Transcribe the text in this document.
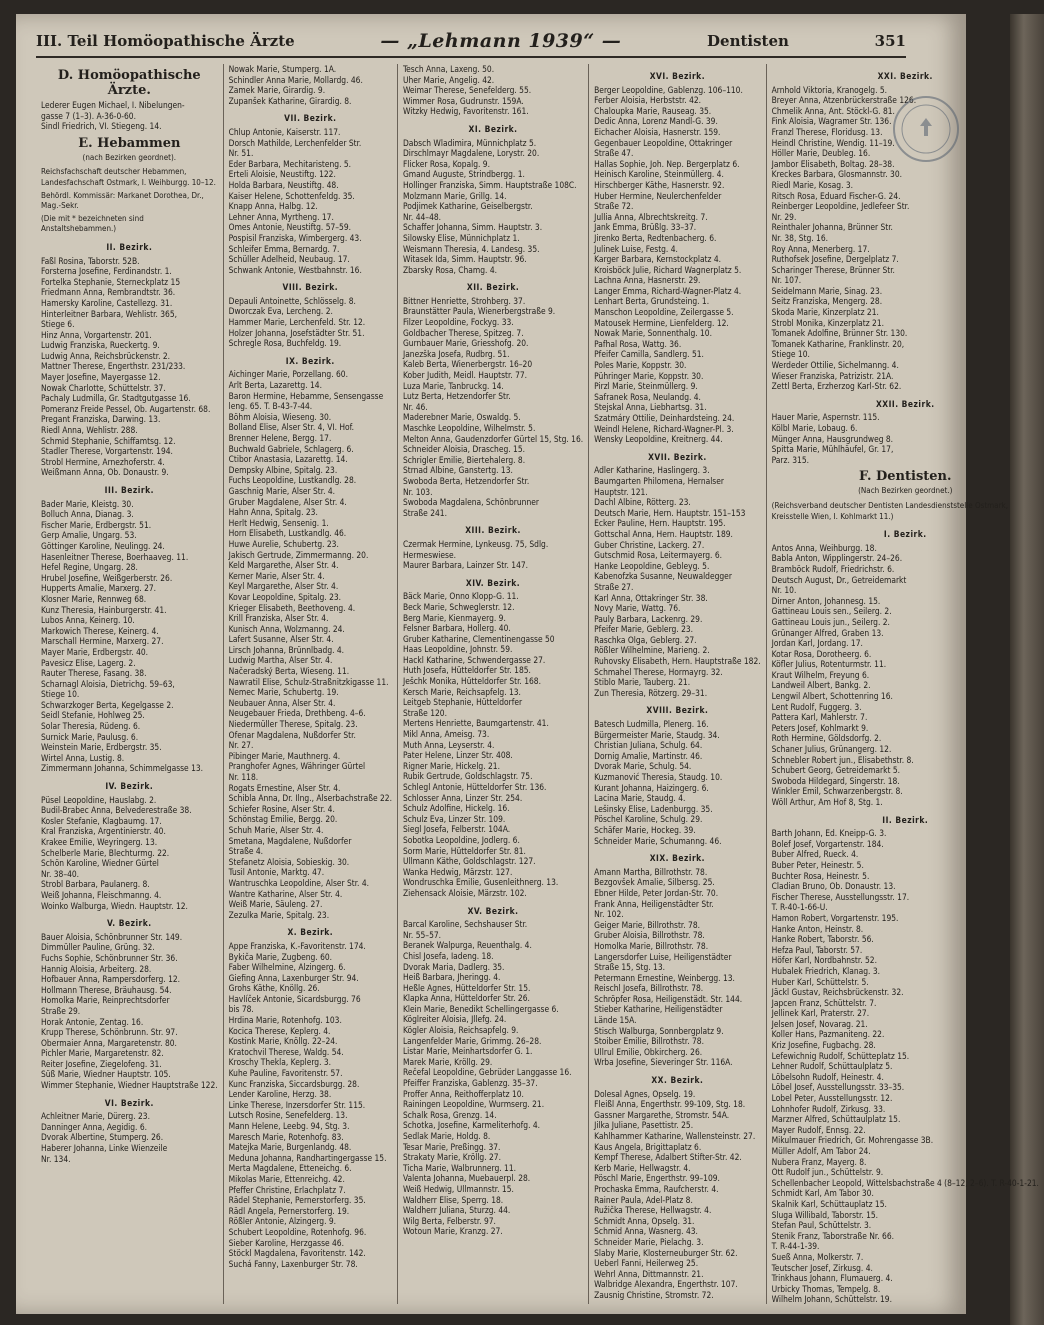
III. Teil Homöopathische Ärzte	— „Lehmann 1939“ —	Dentisten	351
D. Homöopathische Ärzte.
Lederer Eugen Michael, I. Nibelungen-
gasse 7 (1–3). A-36-0-60.
Sindl Friedrich, VI. Stiegeng. 14.
E. Hebammen
(nach Bezirken geordnet).
Reichsfachschaft deutscher Hebammen, Landesfachschaft Ostmark, I. Weihburgg. 10–12.
Behördl. Kommissär: Markanet Dorothea, Dr., Mag.-Sekr.
(Die mit * bezeichneten sind Anstaltshebammen.)
II. Bezirk.
Faßl Rosina, Taborstr. 52B.
Forsterna Josefine, Ferdinandstr. 1.
Fortelka Stephanie, Sterneckplatz 15
Friedmann Anna, Rembrandtstr. 36.
Hamersky Karoline, Castellezg. 31.
Hinterleitner Barbara, Wehlistr. 365,
Stiege 6.
Hinz Anna, Vorgartenstr. 201.
Ludwig Franziska, Rueckertg. 9.
Ludwig Anna, Reichsbrückenstr. 2.
Mattner Therese, Engerthstr. 231/233.
Mayer Josefine, Mayergasse 12.
Nowak Charlotte, Schüttelstr. 37.
Pachaly Ludmilla, Gr. Stadtgutgasse 16.
Pomeranz Freide Pessel, Ob. Augartenstr. 68.
Pregant Franziska, Darwing. 13.
Riedl Anna, Wehlistr. 288.
Schmid Stephanie, Schiffamtsg. 12.
Stadler Therese, Vorgartenstr. 194.
Strobl Hermine, Arnezhoferstr. 4.
Weißmann Anna, Ob. Donaustr. 9.
III. Bezirk.
Bader Marie, Kleistg. 30.
Bolluch Anna, Dianag. 3.
Fischer Marie, Erdbergstr. 51.
Gerp Amalie, Ungarg. 53.
Göttinger Karoline, Neulingg. 24.
Hasenleitner Therese, Boerhaaveg. 11.
Hefel Regine, Ungarg. 28.
Hrubel Josefine, Weißgerberstr. 26.
Hupperts Amalie, Marxerg. 27.
Klosner Marie, Rennweg 68.
Kunz Theresia, Hainburgerstr. 41.
Lubos Anna, Keinerg. 10.
Markowich Therese, Keinerg. 4.
Marschall Hermine, Marxerg. 27.
Mayer Marie, Erdbergstr. 40.
Pavesicz Elise, Lagerg. 2.
Rauter Therese, Fasang. 38.
Scharnagl Aloisia, Dietrichg. 59–63,
Stiege 10.
Schwarzkoger Berta, Kegelgasse 2.
Seidl Stefanie, Hohlweg 25.
Solar Theresia, Rüdeng. 6.
Surnick Marie, Paulusg. 6.
Weinstein Marie, Erdbergstr. 35.
Wirtel Anna, Lustig. 8.
Zimmermann Johanna, Schimmelgasse 13.
IV. Bezirk.
Püsel Leopoldine, Hauslabg. 2.
Budil-Brabec Anna, Belvederestraße 38.
Kosler Stefanie, Klagbaumg. 17.
Kral Franziska, Argentinierstr. 40.
Krakee Emilie, Weyringerg. 13.
Schelberle Marie, Blechturmg. 22.
Schön Karoline, Wiedner Gürtel
Nr. 38–40.
Strobl Barbara, Paulanerg. 8.
Weiß Johanna, Fleischmanng. 4.
Woinko Walburga, Wiedn. Hauptstr. 12.
V. Bezirk.
Bauer Aloisia, Schönbrunner Str. 149.
Dimmüller Pauline, Grüng. 32.
Fuchs Sophie, Schönbrunner Str. 36.
Hannig Aloisia, Arbeiterg. 28.
Hofbauer Anna, Rampersdorferg. 12.
Hollmann Therese, Bräuhausg. 54.
Homolka Marie, Reinprechtsdorfer
Straße 29.
Horak Antonie, Zentag. 16.
Krupp Therese, Schönbrunn. Str. 97.
Obermaier Anna, Margaretenstr. 80.
Pichler Marie, Margaretenstr. 82.
Reiter Josefine, Ziegelofeng. 31.
Süß Marie, Wiedner Hauptstr. 105.
Wimmer Stephanie, Wiedner Hauptstraße 122.
VI. Bezirk.
Achleitner Marie, Dürerg. 23.
Danninger Anna, Aegidig. 6.
Dvorak Albertine, Stumperg. 26.
Haberer Johanna, Linke Wienzeile
Nr. 134.
Nowak Marie, Stumperg. 1A.
Schindler Anna Marie, Mollardg. 46.
Zamek Marie, Girardig. 9.
Zupanšek Katharine, Girardig. 8.
VII. Bezirk.
Chlup Antonie, Kaiserstr. 117.
Dorsch Mathilde, Lerchenfelder Str.
Nr. 51.
Eder Barbara, Mechitaristeng. 5.
Erteli Aloisie, Neustiftg. 122.
Holda Barbara, Neustiftg. 48.
Kaiser Helene, Schottenfeldg. 35.
Knapp Anna, Halbg. 12.
Lehner Anna, Myrtheng. 17.
Omes Antonie, Neustiftg. 57–59.
Pospisil Franziska, Wimbergerg. 43.
Schleifer Emma, Bernardg. 7.
Schüller Adelheid, Neubaug. 17.
Schwank Antonie, Westbahnstr. 16.
VIII. Bezirk.
Depauli Antoinette, Schlösselg. 8.
Dworczak Eva, Lercheng. 2.
Hammer Marie, Lerchenfeld. Str. 12.
Holzer Johanna, Josefstädter Str. 51.
Schregle Rosa, Buchfeldg. 19.
IX. Bezirk.
Aichinger Marie, Porzellang. 60.
Arlt Berta, Lazarettg. 14.
Baron Hermine, Hebamme, Sensengasse
leng. 65. T. B-43-7-44.
Böhm Aloisia, Wieseng. 30.
Bolland Elise, Alser Str. 4, VI. Hof.
Brenner Helene, Bergg. 17.
Buchwald Gabriele, Schlagerg. 6.
Ctibor Anastasia, Lazarettg. 14.
Dempsky Albine, Spitalg. 23.
Fuchs Leopoldine, Lustkandlg. 28.
Gaschnig Marie, Alser Str. 4.
Gruber Magdalene, Alser Str. 4.
Hahn Anna, Spitalg. 23.
Herlt Hedwig, Sensenig. 1.
Horn Elisabeth, Lustkandlg. 46.
Huwe Aurelie, Schubertg. 23.
Jakisch Gertrude, Zimmermanng. 20.
Keld Margarethe, Alser Str. 4.
Kerner Marie, Alser Str. 4.
Keyl Margarethe, Alser Str. 4.
Kovar Leopoldine, Spitalg. 23.
Krieger Elisabeth, Beethoveng. 4.
Krill Franziska, Alser Str. 4.
Kunisch Anna, Wolzmanng. 24.
Lafert Susanne, Alser Str. 4.
Lirsch Johanna, Brünnlbadg. 4.
Ludwig Martha, Alser Str. 4.
Načeradský Berta, Wieseng. 11.
Nawratil Elise, Schulz-Straßnitzkigasse 11.
Nemec Marie, Schubertg. 19.
Neubauer Anna, Alser Str. 4.
Neugebauer Frieda, Drethbeng. 4–6.
Niedermüller Therese, Spitalg. 23.
Ofenar Magdalena, Nußdorfer Str.
Nr. 27.
Pibinger Marie, Mauthnerg. 4.
Pranghofer Agnes, Währinger Gürtel
Nr. 118.
Rogats Ernestine, Alser Str. 4.
Schibla Anna, Dr. Ilng., Alserbachstraße 22.
Schiefer Rosine, Alser Str. 4.
Schönstag Emilie, Bergg. 20.
Schuh Marie, Alser Str. 4.
Smetana, Magdalene, Nußdorfer
Straße 4.
Stefanetz Aloisia, Sobieskig. 30.
Tusil Antonie, Marktg. 47.
Wantruschka Leopoldine, Alser Str. 4.
Wantre Katharine, Alser Str. 4.
Weiß Marie, Säuleng. 27.
Zezulka Marie, Spitalg. 23.
X. Bezirk.
Appe Franziska, K.-Favoritenstr. 174.
Bykiča Marie, Zugbeng. 60.
Faber Wilhelmine, Alzingerg. 6.
Giefing Anna, Laxenburger Str. 94.
Grohs Käthe, Knöllg. 26.
Havlíček Antonie, Sicardsburgg. 76
bis 78.
Hrdina Marie, Rotenhofg. 103.
Kocica Therese, Keplerg. 4.
Kostink Marie, Knöllg. 22–24.
Kratochvil Therese, Waldg. 54.
Kroschy Thekla, Keplerg. 3.
Kuhe Pauline, Favoritenstr. 57.
Kunc Franziska, Siccardsburgg. 28.
Lender Karoline, Herzg. 38.
Linke Therese, Inzersdorfer Str. 115.
Lutsch Rosine, Senefelderg. 13.
Mann Helene, Leebg. 94, Stg. 3.
Maresch Marie, Rotenhofg. 83.
Matejka Marie, Burgenlandg. 48.
Meduna Johanna, Randhartingergasse 15.
Merta Magdalene, Etteneichg. 6.
Mikolas Marie, Ettenreichg. 42.
Pfeffer Christine, Erlachplatz 7.
Rädel Stephanie, Pernerstorferg. 35.
Rädl Angela, Pernerstorferg. 19.
Rößler Antonie, Alzingerg. 9.
Schubert Leopoldine, Rotenhofg. 96.
Sieber Karoline, Herzgasse 46.
Stöckl Magdalena, Favoritenstr. 142.
Suchá Fanny, Laxenburger Str. 78.
Tesch Anna, Laxeng. 50.
Uher Marie, Angelig. 42.
Weimar Therese, Senefelderg. 55.
Wimmer Rosa, Gudrunstr. 159A.
Witzky Hedwig, Favoritenstr. 161.
XI. Bezirk.
Dabsch Wladimira, Münnichplatz 5.
Dirschlmayr Magdalene, Lorystr. 20.
Flicker Rosa, Kopalg. 9.
Gmand Auguste, Strindbergg. 1.
Hollinger Franziska, Simm. Hauptstraße 108C.
Molzmann Marie, Grillg. 14.
Podjimek Katharine, Geiselbergstr.
Nr. 44–48.
Schaffer Johanna, Simm. Hauptstr. 3.
Silowsky Elise, Münnichplatz 1.
Weismann Theresia, 4. Landesg. 35.
Witasek Ida, Simm. Hauptstr. 96.
Zbarsky Rosa, Chamg. 4.
XII. Bezirk.
Bittner Henriette, Strohberg. 37.
Braunstätter Paula, Wienerbergstraße 9.
Filzer Leopoldine, Fockyg. 33.
Goldbacher Therese, Spitzeg. 7.
Gurnbauer Marie, Griesshofg. 20.
Janezška Josefa, Rudbrg. 51.
Kaleb Berta, Wienerbergstr. 16–20
Kober Judith, Meidl. Hauptstr. 77.
Luza Marie, Tanbruckg. 14.
Lutz Berta, Hetzendorfer Str.
Nr. 46.
Maderebner Marie, Oswaldg. 5.
Maschke Leopoldine, Wilhelmstr. 5.
Melton Anna, Gaudenzdorfer Gürtel 15, Stg. 16.
Schneider Aloisia, Drascheg. 15.
Schrigler Emilie, Biertehalerg. 8.
Strnad Albine, Ganstertg. 13.
Swoboda Berta, Hetzendorfer Str.
Nr. 103.
Swoboda Magdalena, Schönbrunner
Straße 241.
XIII. Bezirk.
Czermak Hermine, Lynkeusg. 75, Sdlg.
Hermeswiese.
Maurer Barbara, Lainzer Str. 147.
XIV. Bezirk.
Bäck Marie, Onno Klopp-G. 11.
Beck Marie, Schweglerstr. 12.
Berg Marie, Kienmayerg. 9.
Felsner Barbara, Hollerg. 40.
Gruber Katharine, Clementinengasse 50
Haas Leopoldine, Johnstr. 59.
Hackl Katharine, Schwendergasse 27.
Huth Josefa, Hütteldorfer Str. 185.
Ješchk Monika, Hütteldorfer Str. 168.
Kersch Marie, Reichsapfelg. 13.
Leitgeb Stephanie, Hütteldorfer
Straße 120.
Mertens Henriette, Baumgartenstr. 41.
Mikl Anna, Ameisg. 73.
Muth Anna, Leyserstr. 4.
Pater Helene, Linzer Str. 408.
Rigner Marie, Hickelg. 21.
Rubik Gertrude, Goldschlagstr. 75.
Schlegl Antonie, Hütteldorfer Str. 136.
Schlosser Anna, Linzer Str. 254.
Schulz Adolfine, Hickelg. 16.
Schulz Eva, Linzer Str. 109.
Siegl Josefa, Felberstr. 104A.
Sobotka Leopoldine, Jodlerg. 6.
Sorm Marie, Hütteldorfer Str. 81.
Ullmann Käthe, Goldschlagstr. 127.
Wanka Hedwig, Märzstr. 127.
Wondruschka Emilie, Gusenleithnerg. 13.
Ziehensack Aloisie, Märzstr. 102.
XV. Bezirk.
Barcal Karoline, Sechshauser Str.
Nr. 55–57.
Beranek Walpurga, Reuenthalg. 4.
Chisl Josefa, Iadeng. 18.
Dvorak Maria, Dadlerg. 35.
Heiß Barbara, Jheringg. 4.
Heßle Agnes, Hütteldorfer Str. 15.
Klapka Anna, Hütteldorfer Str. 26.
Klein Marie, Benedikt Schellingergasse 6.
Köglreiter Aloisia, Jllefg. 24.
Kögler Aloisia, Reichsapfelg. 9.
Langenfelder Marie, Grimmg. 26–28.
Listar Marie, Meinhartsdorfer G. 1.
Marek Marie, Kröllg. 29.
Rečefal Leopoldine, Gebrüder Langgasse 16.
Pfeiffer Franziska, Gablenzg. 35–37.
Proffer Anna, Reithofferplatz 10.
Rainingen Leopoldine, Wurmserg. 21.
Schalk Rosa, Grenzg. 14.
Schotka, Josefine, Karmeliterhofg. 4.
Sedlak Marie, Holdg. 8.
Tesar Marie, Preßingg. 37.
Strakaty Marie, Kröllg. 27.
Ticha Marie, Walbrunnerg. 11.
Valenta Johanna, Muebauerpl. 28.
Weiß Hedwig, Ullmannstr. 15.
Waldherr Elise, Sperrg. 18.
Waldherr Juliana, Sturzg. 44.
Wilg Berta, Felberstr. 97.
Wotoun Marie, Kranzg. 27.
XVI. Bezirk.
Berger Leopoldine, Gablenzg. 106–110.
Ferber Aloisia, Herbststr. 42.
Chaloupka Marie, Rauseag. 35.
Dedic Anna, Lorenz Mandl-G. 39.
Eichacher Aloisia, Hasnerstr. 159.
Gegenbauer Leopoldine, Ottakringer
Straße 47.
Hallas Sophie, Joh. Nep. Bergerplatz 6.
Heinisch Karoline, Steinmüllerg. 4.
Hirschberger Käthe, Hasnerstr. 92.
Huber Hermine, Neulerchenfelder
Straße 72.
Jullia Anna, Albrechtskreitg. 7.
Jank Emma, Brüßlg. 33–37.
Jirenko Berta, Redtenbacherg. 6.
Julinek Luise, Festg. 4.
Karger Barbara, Kernstockplatz 4.
Kroisböck Julie, Richard Wagnerplatz 5.
Lachna Anna, Hasnerstr. 29.
Langer Emma, Richard-Wagner-Platz 4.
Lenhart Berta, Grundsteing. 1.
Manschon Leopoldine, Zeilergasse 5.
Matousek Hermine, Lienfelderg. 12.
Nowak Marie, Sonnenthalg. 10.
Pafhal Rosa, Wattg. 36.
Pfeifer Camilla, Sandlerg. 51.
Poles Marie, Koppstr. 30.
Pühringer Marie, Koppstr. 30.
Pirzl Marie, Steinmüllerg. 9.
Safranek Rosa, Neulandg. 4.
Stejskal Anna, Liebhartsg. 31.
Szatmáry Ottilie, Deinhardsteing. 24.
Weindl Helene, Richard-Wagner-Pl. 3.
Wensky Leopoldine, Kreitnerg. 44.
XVII. Bezirk.
Adler Katharine, Haslingerg. 3.
Baumgarten Philomena, Hernalser
Hauptstr. 121.
Dachl Albine, Rötterg. 23.
Deutsch Marie, Hern. Hauptstr. 151–153
Ecker Pauline, Hern. Hauptstr. 195.
Gottschal Anna, Hern. Hauptstr. 189.
Guber Christine, Lackerg. 27.
Gutschmid Rosa, Leitermayerg. 6.
Hanke Leopoldine, Gebleyg. 5.
Kabenofzka Susanne, Neuwaldegger
Straße 27.
Karl Anna, Ottakringer Str. 38.
Novy Marie, Wattg. 76.
Pauly Barbara, Lackenrg. 29.
Pfeifer Marie, Geblerg. 23.
Raschka Olga, Geblerg. 27.
Rößler Wilhelmine, Marieng. 2.
Ruhovsky Elisabeth, Hern. Hauptstraße 182.
Schmahel Therese, Hormayrg. 32.
Stiblo Marie, Tauberg. 21.
Zun Theresia, Rötzerg. 29–31.
XVIII. Bezirk.
Batesch Ludmilla, Plenerg. 16.
Bürgermeister Marie, Staudg. 34.
Christian Juliana, Schulg. 64.
Dornig Amalie, Martinstr. 46.
Dvorak Marie, Schulg. 54.
Kuzmanović Theresia, Staudg. 10.
Kurant Johanna, Haizingerg. 6.
Lacina Marie, Staudg. 4.
Lešinsky Elise, Ladenburgg. 35.
Pöschel Karoline, Schulg. 29.
Schäfer Marie, Hockeg. 39.
Schneider Marie, Schumanng. 46.
XIX. Bezirk.
Amann Martha, Billrothstr. 78.
Bezgovšek Amalie, Silbersg. 25.
Ebner Hilde, Peter Jordan-Str. 70.
Frank Anna, Heiligenstädter Str.
Nr. 102.
Geiger Marie, Billrothstr. 78.
Gruber Aloisia, Billrothstr. 78.
Homolka Marie, Billrothstr. 78.
Langersdorfer Luise, Heiligenstädter
Straße 15, Stg. 13.
Petermann Ernestine, Weinbergg. 13.
Reischl Josefa, Billrothstr. 78.
Schröpfer Rosa, Heiligenstädt. Str. 144.
Stieber Katharine, Heiligenstädter
Lände 15A.
Stisch Walburga, Sonnbergplatz 9.
Stoiber Emilie, Billrothstr. 78.
Ullrul Emilie, Obkircherg. 26.
Wrba Josefine, Sieveringer Str. 116A.
XX. Bezirk.
Dolesal Agnes, Opselg. 19.
Fleißl Anna, Engerthstr. 99-109, Stg. 18.
Gassner Margarethe, Stromstr. 54A.
Jilka Juliane, Pasettistr. 25.
Kahlhammer Katharine, Wallensteinstr. 27.
Kaus Angela, Brigittaplatz 6.
Kempf Therese, Adalbert Stifter-Str. 42.
Kerb Marie, Hellwagstr. 4.
Pöschl Marie, Engerthstr. 99–109.
Prochaska Emma, Raufcherstr. 4.
Rainer Paula, Adel-Platz 8.
Ružička Therese, Hellwagstr. 4.
Schmidt Anna, Opselg. 31.
Schmid Anna, Wasnerg. 43.
Schneider Marie, Pielachg. 3.
Slaby Marie, Klosterneuburger Str. 62.
Ueberl Fanni, Heilerweg 25.
Wehrl Anna, Dittmannstr. 21.
Walbridge Alexandra, Engerthstr. 107.
Zausnig Christine, Stromstr. 72.
XXI. Bezirk.
Arnhold Viktoria, Kranogelg. 5.
Breyer Anna, Atzenbrückerstraße 126.
Chmelik Anna, Ant. Stöckl-G. 81.
Fink Aloisia, Wagramer Str. 136.
Franzl Therese, Floridusg. 13.
Heindl Christine, Wendig. 11–19.
Höller Marie, Deubleg. 16.
Jambor Elisabeth, Boltag. 28–38.
Kreckes Barbara, Glosmannstr. 30.
Riedl Marie, Kosag. 3.
Ritsch Rosa, Eduard Fischer-G. 24.
Reinberger Leopoldine, Jedlefeer Str.
Nr. 29.
Reinthaler Johanna, Brünner Str.
Nr. 38, Stg. 16.
Roy Anna, Menerberg. 17.
Ruthofsek Josefine, Dergelplatz 7.
Scharinger Therese, Brünner Str.
Nr. 107.
Seidelmann Marie, Sinag. 23.
Seitz Franziska, Mengerg. 28.
Skoda Marie, Kinzerplatz 21.
Strobl Monika, Kinzerplatz 21.
Tomanek Adolfine, Brünner Str. 130.
Tomanek Katharine, Franklinstr. 20,
Stiege 10.
Werdeder Ottilie, Sichelmanng. 4.
Wieser Franziska, Patrizistr. 21A.
Zettl Berta, Erzherzog Karl-Str. 62.
XXII. Bezirk.
Hauer Marie, Aspernstr. 115.
Kölbl Marie, Lobaug. 6.
Münger Anna, Hausgrundweg 8.
Spitta Marie, Mühlhäufel, Gr. 17,
Parz. 315.
F. Dentisten.
(Nach Bezirken geordnet.)
(Reichsverband deutscher Dentisten Landesdienststelle Ostmark, Kreisstelle Wien, I. Kohlmarkt 11.)
I. Bezirk.
Antos Anna, Weihburgg. 18.
Babla Anton, Wipplingerstr. 24–26.
Bramböck Rudolf, Friedrichstr. 6.
Deutsch August, Dr., Getreidemarkt
Nr. 10.
Dirner Anton, Johannesg. 15.
Gattineau Louis sen., Seilerg. 2.
Gattineau Louis jun., Seilerg. 2.
Grünanger Alfred, Graben 13.
Jordan Karl, Jordang. 17.
Kotar Rosa, Dorotheerg. 6.
Köfler Julius, Rotenturmstr. 11.
Kraut Wilhelm, Freyung 6.
Landweil Albert, Bankg. 2.
Lengwil Albert, Schottenring 16.
Lent Rudolf, Fuggerg. 3.
Pattera Karl, Mahlerstr. 7.
Peters Josef, Kohlmarkt 9.
Roth Hermine, Göldsdorfg. 2.
Schaner Julius, Grünangerg. 12.
Schnebler Robert jun., Elisabethstr. 8.
Schubert Georg, Getreidemarkt 5.
Swoboda Hildegard, Singerstr. 18.
Winkler Emil, Schwarzenbergstr. 8.
Wöll Arthur, Am Hof 8, Stg. 1.
II. Bezirk.
Barth Johann, Ed. Kneipp-G. 3.
Bolef Josef, Vorgartenstr. 184.
Buber Alfred, Rueck. 4.
Buber Peter, Heinestr. 5.
Buchter Rosa, Heinestr. 5.
Cladian Bruno, Ob. Donaustr. 13.
Fischer Therese, Ausstellungsstr. 17.
T. R-40-1-66-U.
Hamon Robert, Vorgartenstr. 195.
Hanke Anton, Heinstr. 8.
Hanke Robert, Taborstr. 56.
Hefza Paul, Taborstr. 57.
Höfer Karl, Nordbahnstr. 52.
Hubalek Friedrich, Klanag. 3.
Huber Karl, Schüttelstr. 5.
Jäckl Gustav, Reichsbrückenstr. 32.
Japcen Franz, Schüttelstr. 7.
Jellinek Karl, Praterstr. 27.
Jelsen Josef, Novarag. 21.
Koller Hans, Pazmaniteng. 22.
Kriz Josefine, Fugbachg. 28.
Lefewichnig Rudolf, Schütteplatz 15.
Lehner Rudolf, Schüttaulplatz 5.
Löbelsohn Rudolf, Heinestr. 4.
Löbel Josef, Ausstellungsstr. 33–35.
Lobel Peter, Ausstellungsstr. 12.
Lohnhofer Rudolf, Zirkusg. 33.
Marzner Alfred, Schüttaulplatz 15.
Mayer Rudolf, Ennsg. 22.
Mikulmauer Friedrich, Gr. Mohrengasse 3B.
Müller Adolf, Am Tabor 24.
Nubera Franz, Mayerg. 8.
Ott Rudolf jun., Schüttelstr. 9.
Schellenbacher Leopold, Wittelsbachstraße 4 (8–12, 2–6). T. R-40-1-21.
Schmidt Karl, Am Tabor 30.
Skalnik Karl, Schüttauplatz 15.
Sluga Willibald, Taborstr. 15.
Stefan Paul, Schüttelstr. 3.
Stenik Franz, Taborstraße Nr. 66.
T. R-44-1-39.
Sueß Anna, Molkerstr. 7.
Teutscher Josef, Zirkusg. 4.
Trinkhaus Johann, Flumauerg. 4.
Urbicky Thomas, Tempelg. 8.
Wilhelm Johann, Schüttelstr. 19.
